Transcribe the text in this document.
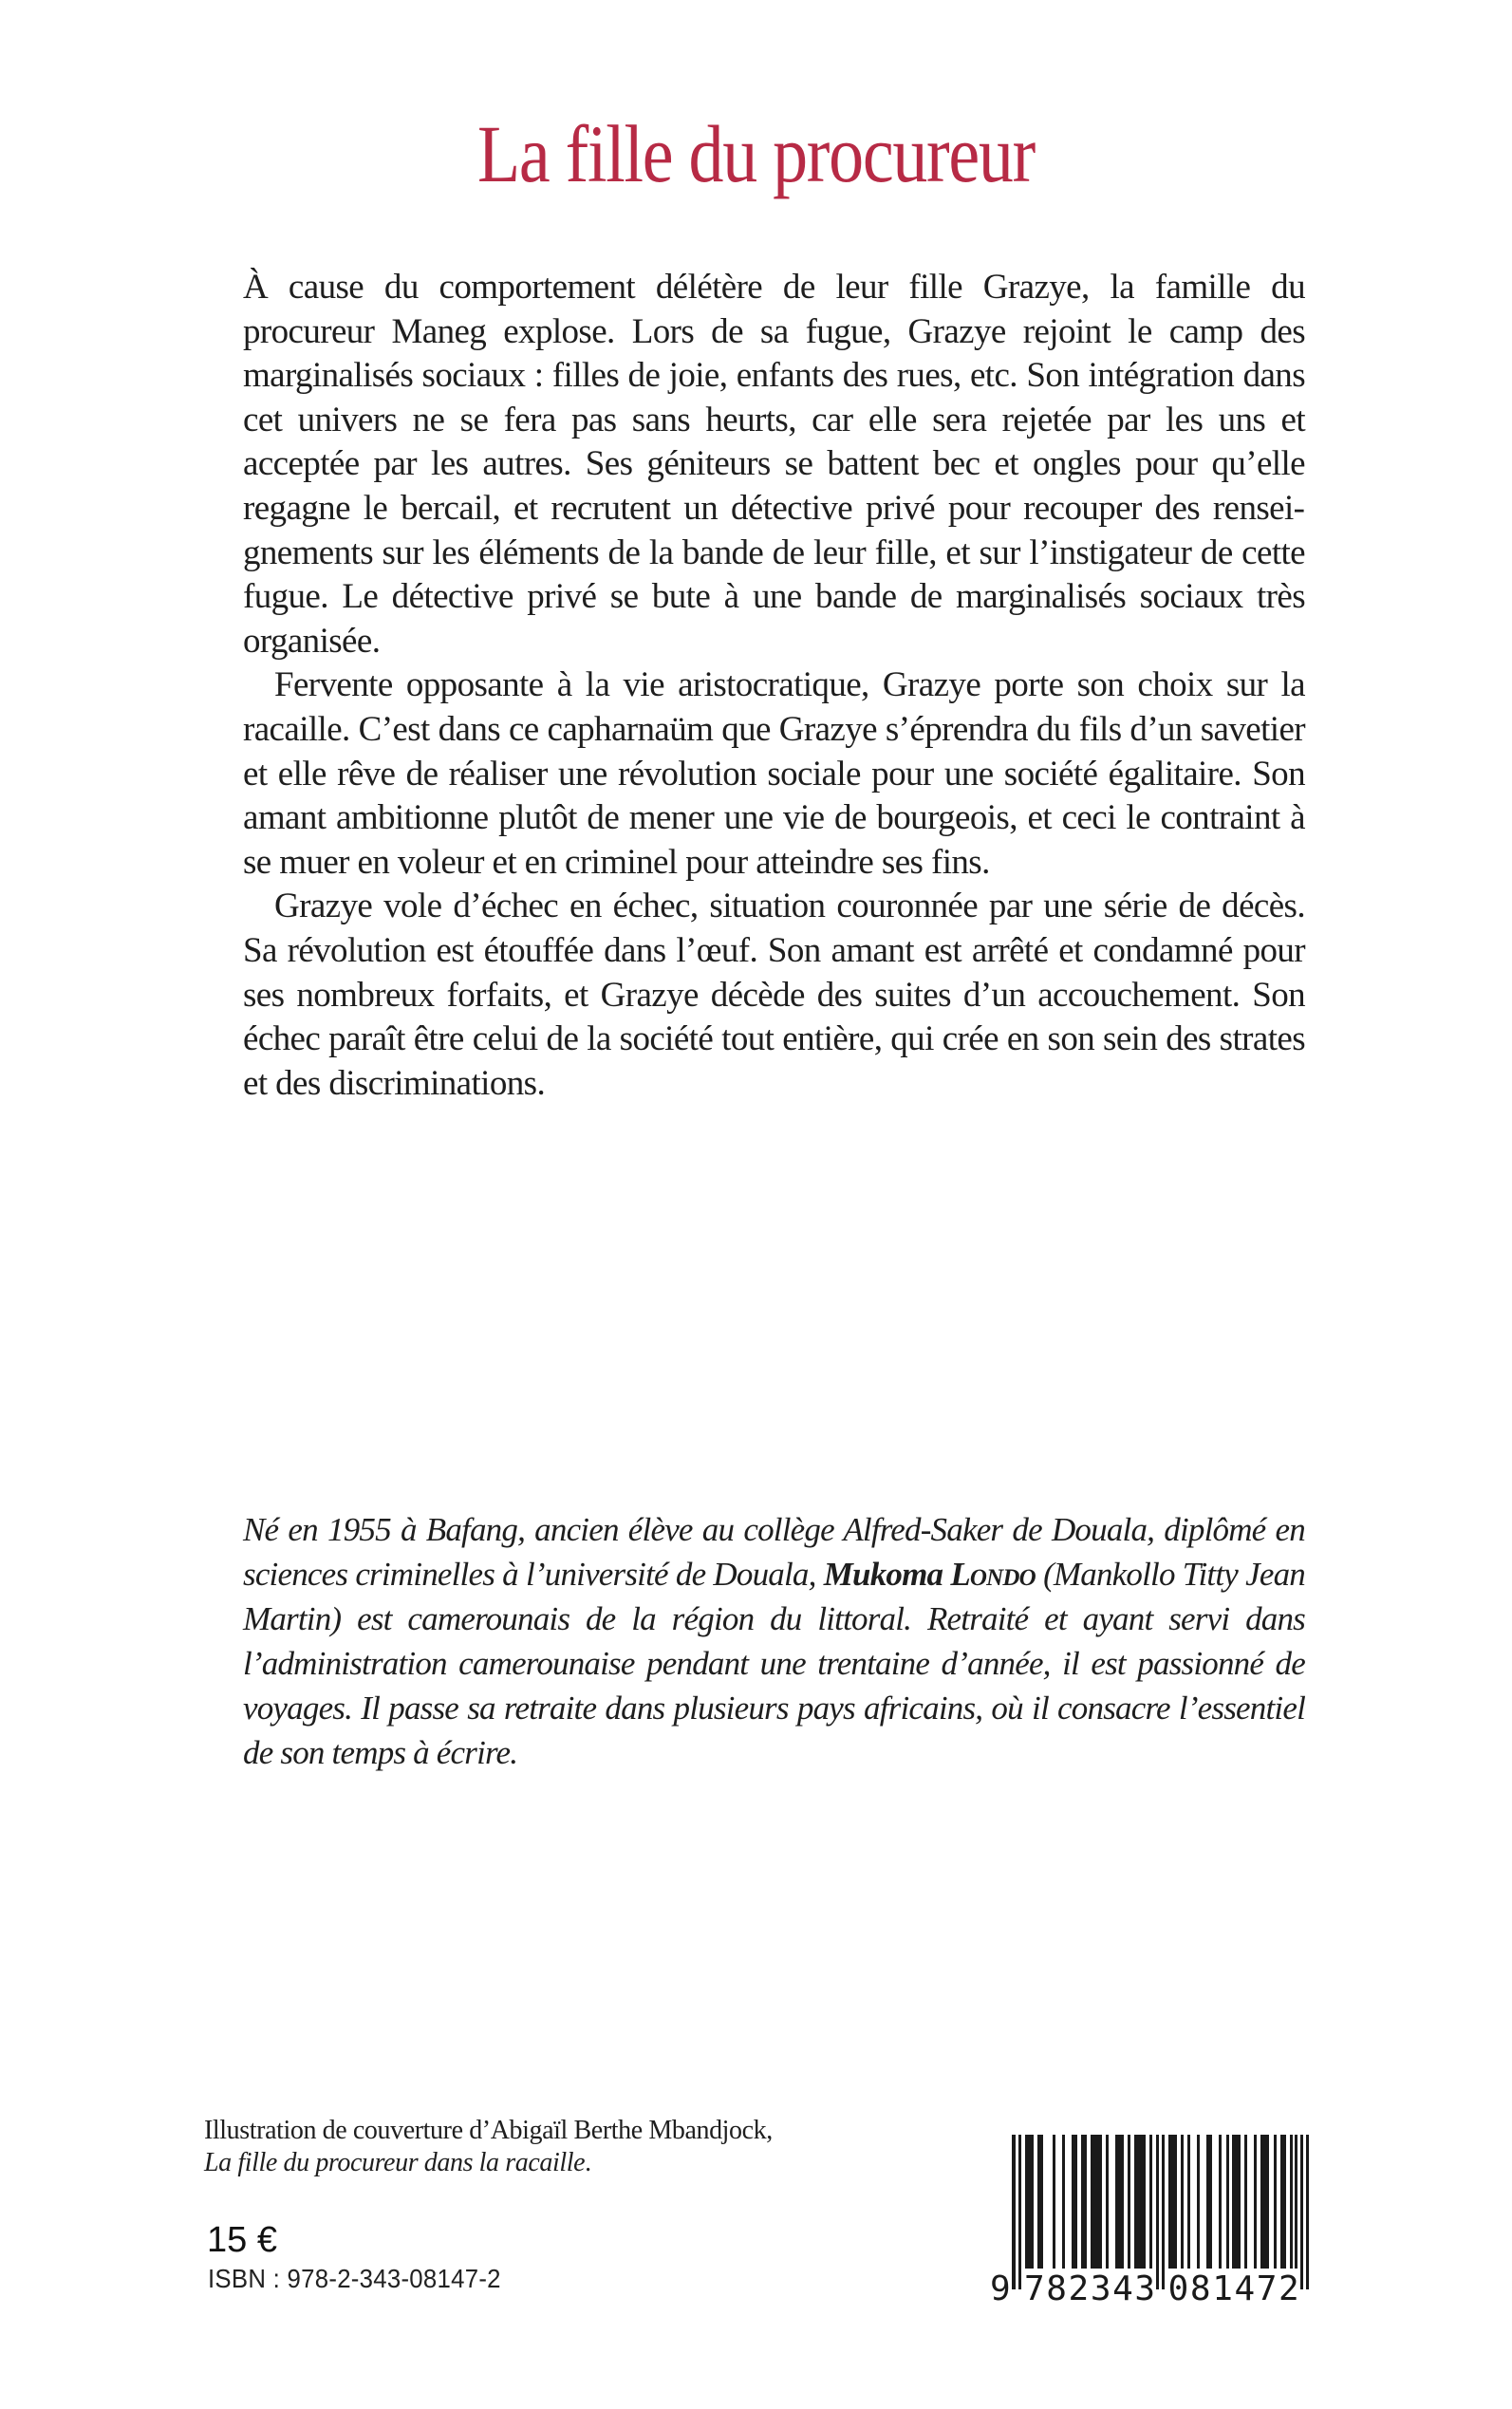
La fille du procureur

À cause du comportement délétère de leur fille Grazye, la famille du procureur Maneg explose. Lors de sa fugue, Grazye rejoint le camp des marginalisés sociaux : filles de joie, enfants des rues, etc. Son intégration dans cet univers ne se fera pas sans heurts, car elle sera rejetée par les uns et acceptée par les autres. Ses géniteurs se battent bec et ongles pour qu’elle regagne le bercail, et recrutent un détective privé pour recouper des renseignements sur les éléments de la bande de leur fille, et sur l’instigateur de cette fugue. Le détective privé se bute à une bande de marginalisés sociaux très organisée.

Fervente opposante à la vie aristocratique, Grazye porte son choix sur la racaille. C’est dans ce capharnaüm que Grazye s’éprendra du fils d’un savetier et elle rêve de réaliser une révolution sociale pour une société égalitaire. Son amant ambitionne plutôt de mener une vie de bourgeois, et ceci le contraint à se muer en voleur et en criminel pour atteindre ses fins.

Grazye vole d’échec en échec, situation couronnée par une série de décès. Sa révolution est étouffée dans l’œuf. Son amant est arrêté et condamné pour ses nombreux forfaits, et Grazye décède des suites d’un accouchement. Son échec paraît être celui de la société tout entière, qui crée en son sein des strates et des discriminations.

Né en 1955 à Bafang, ancien élève au collège Alfred-Saker de Douala, diplômé en sciences criminelles à l’université de Douala, Mukoma Londo (Mankollo Titty Jean Martin) est camerounais de la région du littoral. Retraité et ayant servi dans l’administration camerounaise pendant une trentaine d’année, il est passionné de voyages. Il passe sa retraite dans plusieurs pays africains, où il consacre l’essentiel de son temps à écrire.

Illustration de couverture d’Abigaïl Berthe Mbandjock,
La fille du procureur dans la racaille.
15 €
ISBN : 978-2-343-08147-2	9 782343 081472
